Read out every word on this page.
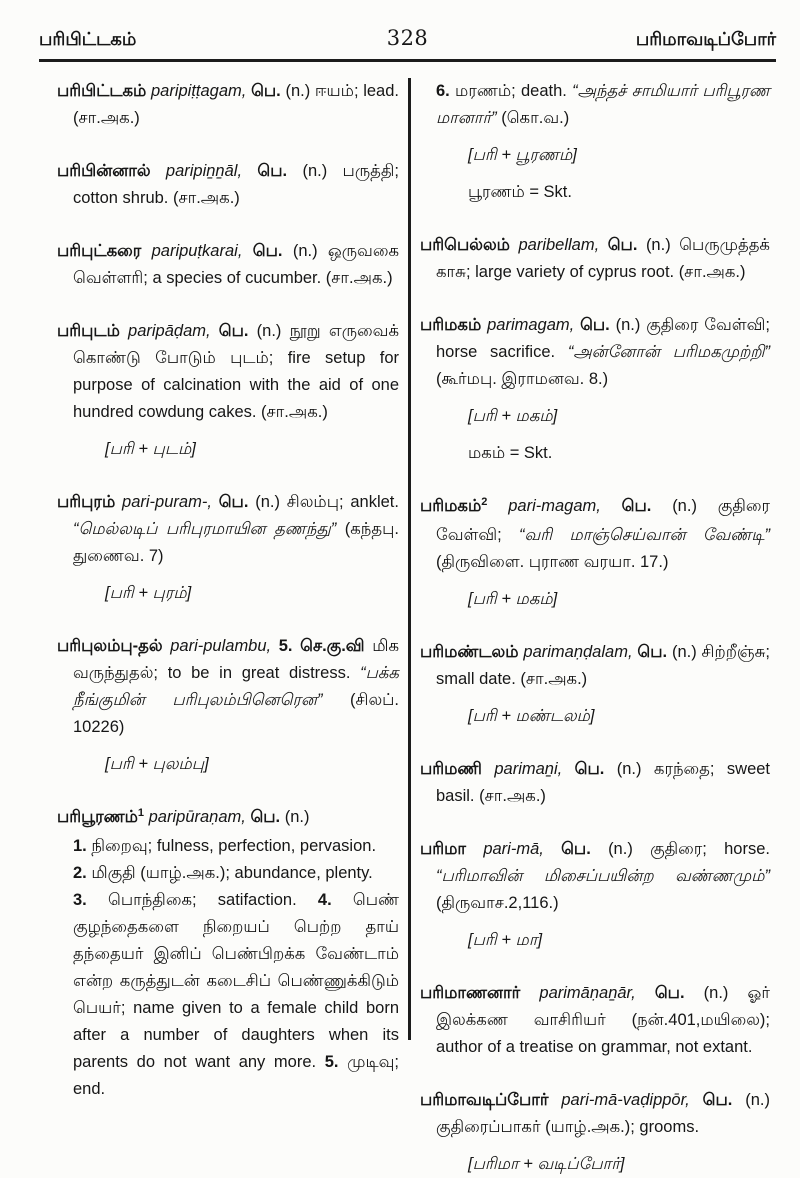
பரிபிட்டகம்	328	பரிமாவடிப்போர்
பரிபிட்டகம் paripiṭṭagam, பெ. (n.) ஈயம்; lead. (சா.அக.)
பரிபின்னால் paripiṉṉāl, பெ. (n.) பருத்தி; cotton shrub. (சா.அக.)
பரிபுட்கரை paripuṭkarai, பெ. (n.) ஒருவகை வெள்ளரி; a species of cucumber. (சா.அக.)
பரிபுடம் paripāḍam, பெ. (n.) நூறு எருவைக் கொண்டு போடும் புடம்; fire setup for purpose of calcination with the aid of one hundred cowdung cakes. (சா.அக.)
[பரி + புடம்]
பரிபுரம் pari-puram-, பெ. (n.) சிலம்பு; anklet. “மெல்லடிப் பரிபுரமாயின தணந்து” (கந்தபு. துணைவ. 7)
[பரி + புரம்]
பரிபுலம்பு-தல் pari-pulambu, 5. செ.கு.வி மிக வருந்துதல்; to be in great distress. “பக்க நீங்குமின் பரிபுலம்பினெரென” (சிலப். 10226)
[பரி + புலம்பு]
பரிபூரணம்$^1$ paripūraṇam, பெ. (n.)
1. நிறைவு; fulness, perfection, pervasion.
2. மிகுதி (யாழ்.அக.); abundance, plenty.
3. பொந்திகை; satifaction. 4. பெண் குழந்தைகளை நிறையப் பெற்ற தாய் தந்தையர் இனிப் பெண்பிறக்க வேண்டாம் என்ற கருத்துடன் கடைசிப் பெண்ணுக்கிடும் பெயர்; name given to a female child born after a number of daughters when its parents do not want any more. 5. முடிவு; end.
6. மரணம்; death. “அந்தச் சாமியார் பரிபூரண மானார்” (கொ.வ.)
[பரி + பூரணம்]
பூரணம் = Skt.
பரிபெல்லம் paribellam, பெ. (n.) பெருமுத்தக் காசு; large variety of cyprus root. (சா.அக.)
பரிமகம் parimagam, பெ. (n.) குதிரை வேள்வி; horse sacrifice. “அன்னோன் பரிமகமுற்றி” (கூர்மபு. இராமனவ. 8.)
[பரி + மகம்]
மகம் = Skt.
பரிமகம்$^2$ pari-magam, பெ. (n.) குதிரை வேள்வி; “வரி மாஞ்செய்வான் வேண்டி” (திருவிளை. புராண வரயா. 17.)
[பரி + மகம்]
பரிமண்டலம் parimaṇḍalam, பெ. (n.) சிற்றீஞ்சு; small date. (சா.அக.)
[பரி + மண்டலம்]
பரிமணி parimaṉi, பெ. (n.) கரந்தை; sweet basil. (சா.அக.)
பரிமா pari-mā, பெ. (n.) குதிரை; horse. “பரிமாவின் மிசைப்பயின்ற வண்ணமும்” (திருவாச.2,116.)
[பரி + மா]
பரிமாணனார் parimāṇaṉār, பெ. (n.) ஓர் இலக்கண வாசிரியர் (நன்.401,மயிலை); author of a treatise on grammar, not extant.
பரிமாவடிப்போர் pari-mā-vaḍippōr, பெ. (n.) குதிரைப்பாகர் (யாழ்.அக.); grooms.
[பரிமா + வடிப்போர்]
